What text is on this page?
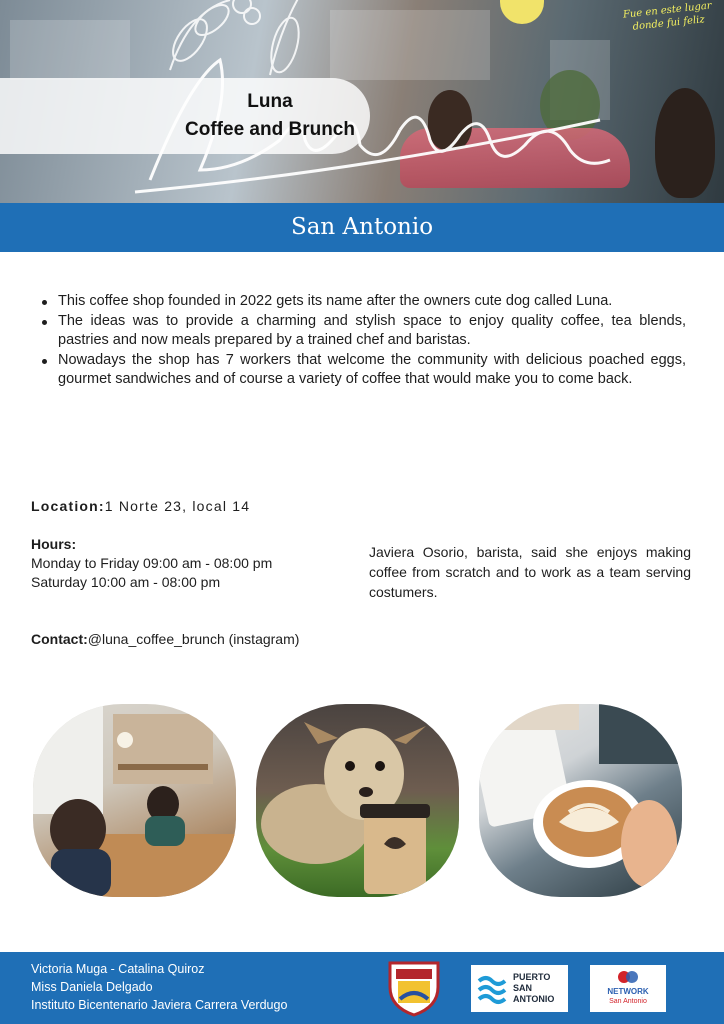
Fue en este lugar donde fui feliz
Luna
Coffee and Brunch
San Antonio
This coffee shop founded in 2022 gets its name after the owners cute dog called Luna.
The ideas was to provide a charming and stylish space to enjoy quality coffee, tea blends, pastries and now meals prepared by a trained chef and baristas.
Nowadays the shop has 7 workers that welcome the community with delicious poached eggs, gourmet sandwiches and of course a variety of coffee that would make you to come back.
Location:1 Norte 23, local 14
Hours:
Monday to Friday 09:00 am - 08:00 pm
Saturday 10:00 am - 08:00 pm
Javiera Osorio, barista, said she enjoys making coffee from scratch and to work as a team serving costumers.
Contact:@luna_coffee_brunch (instagram)
Victoria Muga - Catalina Quiroz
Miss Daniela Delgado
Instituto Bicentenario Javiera Carrera Verdugo
PUERTO
SAN
ANTONIO
NETWORK
San Antonio
